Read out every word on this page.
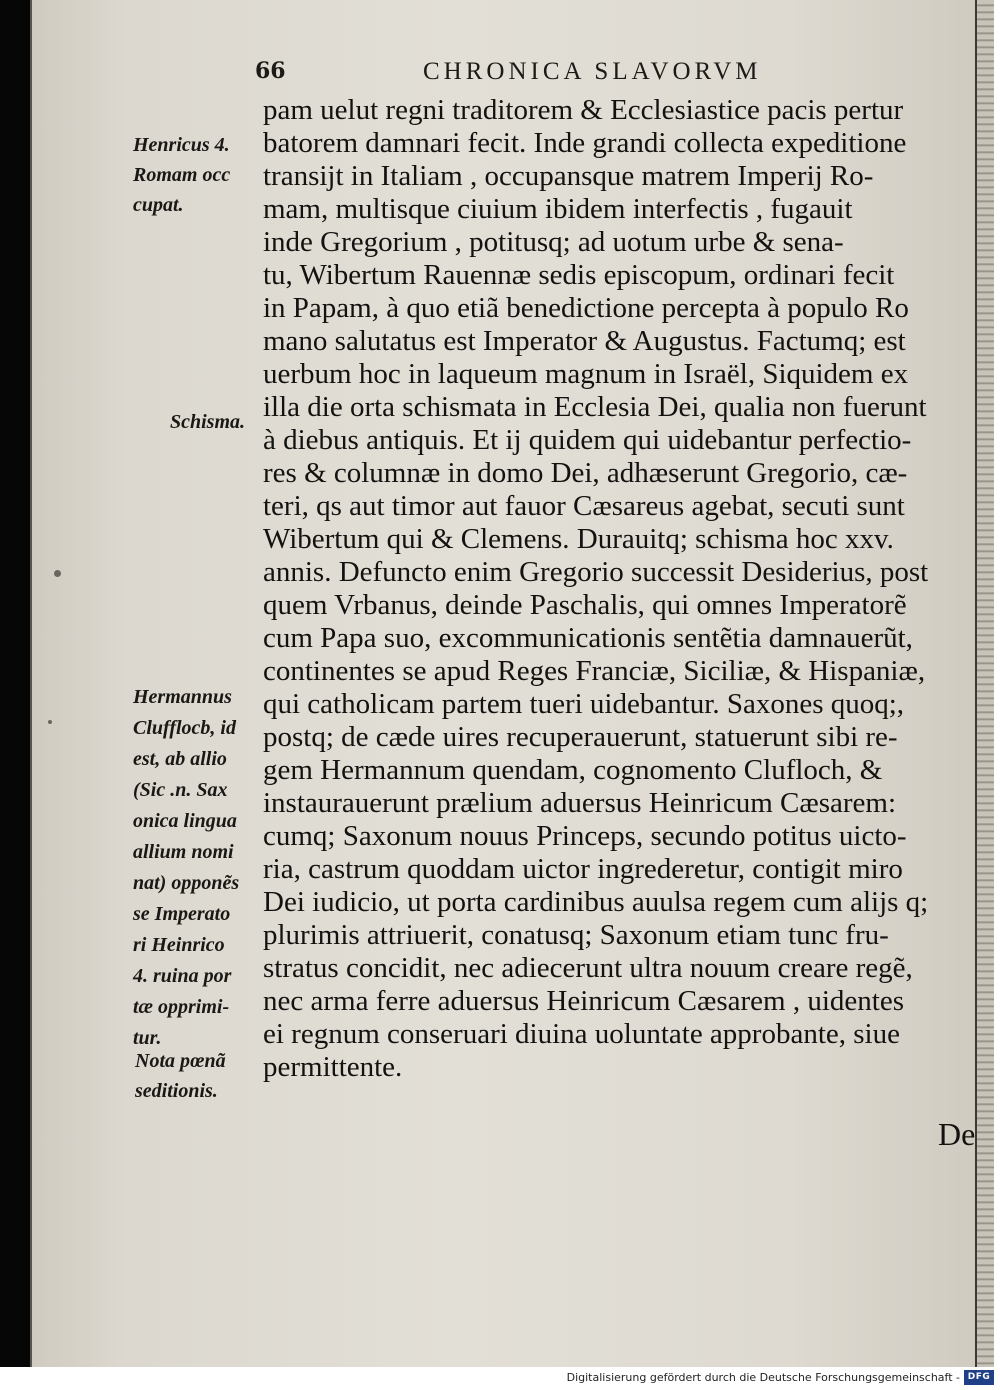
66	CHRONICA SLAVORVM
pam uelut regni traditorem & Ecclesiastice pacis pertur
batorem damnari fecit. Inde grandi collecta expeditione
transijt in Italiam , occupansque matrem Imperij Ro-
mam, multisque ciuium ibidem interfectis , fugauit
inde Gregorium , potitusq; ad uotum urbe & sena-
tu, Wibertum Rauennæ sedis episcopum, ordinari fecit
in Papam, à quo etiã benedictione percepta à populo Ro
mano salutatus est Imperator & Augustus. Factumq; est
uerbum hoc in laqueum magnum in Israël, Siquidem ex
illa die orta schismata in Ecclesia Dei, qualia non fuerunt
à diebus antiquis. Et ij quidem qui uidebantur perfectio-
res & columnæ in domo Dei, adhæserunt Gregorio, cæ-
teri, qs aut timor aut fauor Cæsareus agebat, secuti sunt
Wibertum qui & Clemens. Durauitq; schisma hoc xxv.
annis. Defuncto enim Gregorio successit Desiderius, post
quem Vrbanus, deinde Paschalis, qui omnes Imperatorẽ
cum Papa suo, excommunicationis sentẽtia damnauerũt,
continentes se apud Reges Franciæ, Siciliæ, & Hispaniæ,
qui catholicam partem tueri uidebantur. Saxones quoq;,
postq; de cæde uires recuperauerunt, statuerunt sibi re-
gem Hermannum quendam, cognomento Clufloch, &
instaurauerunt prælium aduersus Heinricum Cæsarem:
cumq; Saxonum nouus Princeps, secundo potitus uicto-
ria, castrum quoddam uictor ingrederetur, contigit miro
Dei iudicio, ut porta cardinibus auulsa regem cum alijs q;
plurimis attriuerit, conatusq; Saxonum etiam tunc fru-
stratus concidit, nec adiecerunt ultra nouum creare regẽ,
nec arma ferre aduersus Heinricum Cæsarem , uidentes
ei regnum conseruari diuina uoluntate approbante, siue
permittente.
Henricus 4.
Romam occ
cupat.
Schisma.
Hermannus
Clufflocb, id
est, ab allio
(Sic .n. Sax
onica lingua
allium nomi
nat) opponẽs
se Imperato
ri Heinrico
4. ruina por
tæ opprimi-
tur.
Nota pœnã
seditionis.
De
Digitalisierung gefördert durch die Deutsche Forschungsgemeinschaft - DFG
